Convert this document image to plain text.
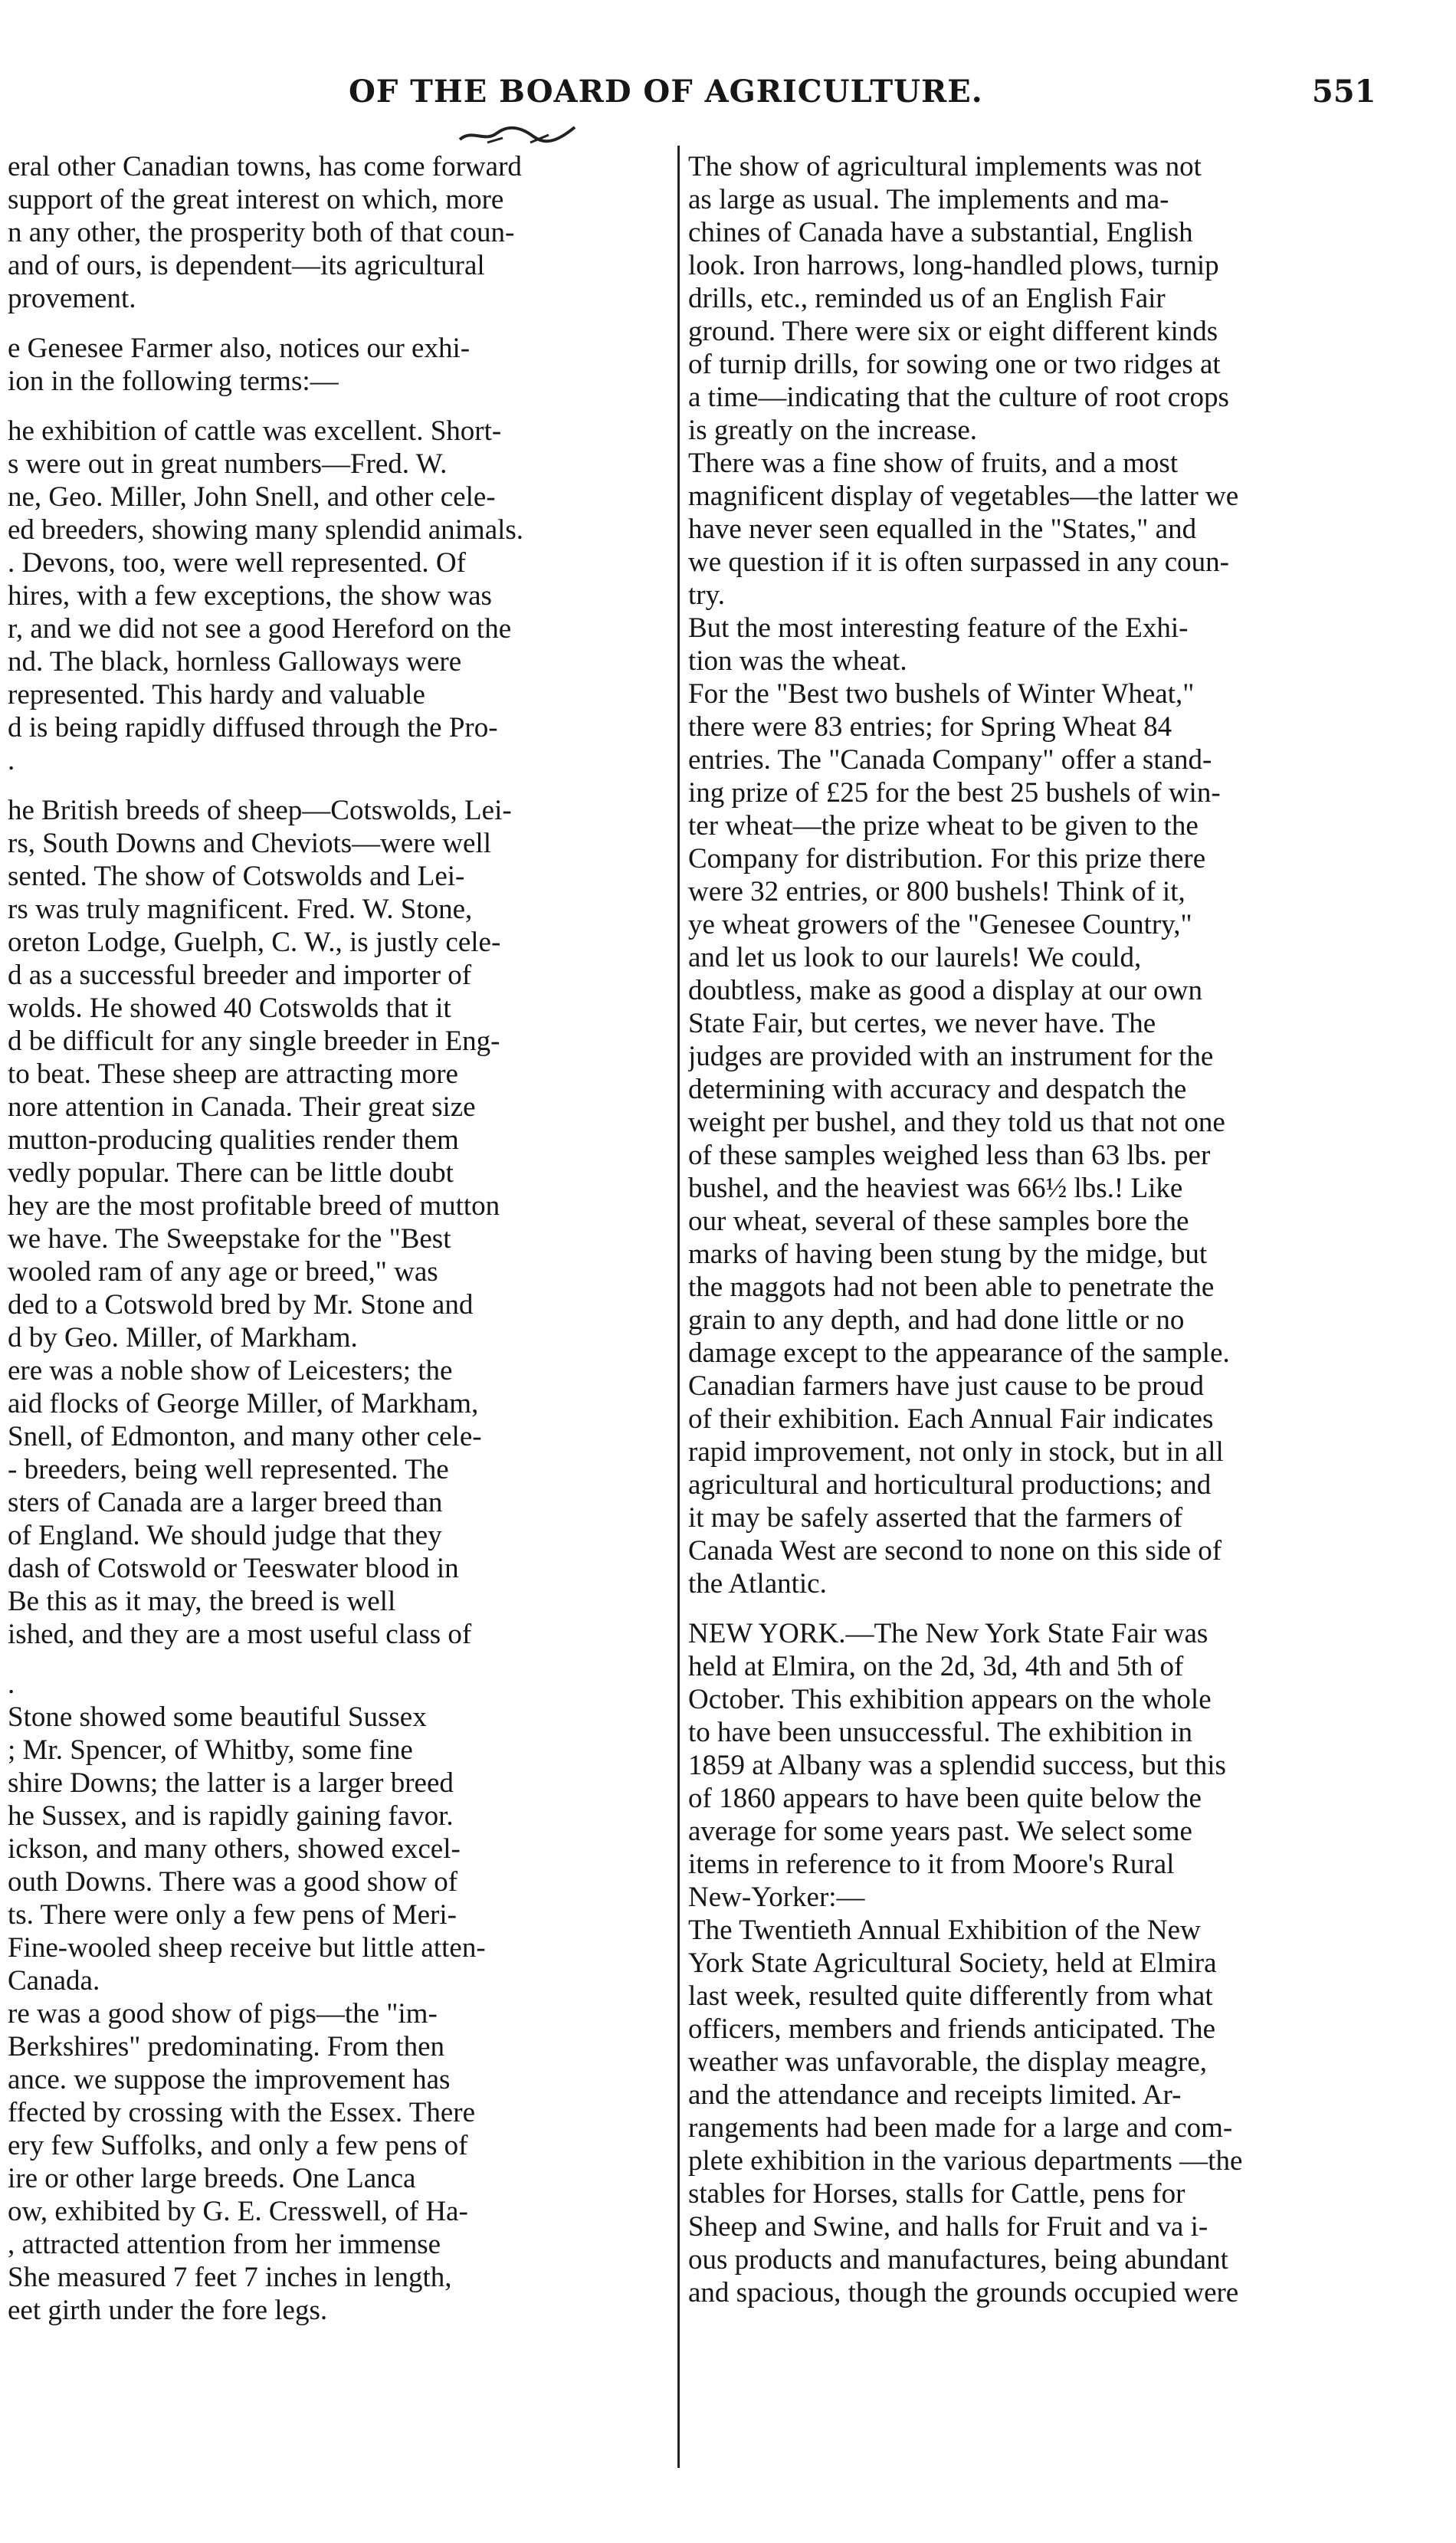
OF THE BOARD OF AGRICULTURE.	551
eral other Canadian towns, has come forward
support of the great interest on which, more
n any other, the prosperity both of that coun-
and of ours, is dependent—its agricultural
provement.
e Genesee Farmer also, notices our exhi-
ion in the following terms:—
he exhibition of cattle was excellent. Short-
s were out in great numbers—Fred. W.
ne, Geo. Miller, John Snell, and other cele-
ed breeders, showing many splendid animals.
. Devons, too, were well represented. Of
hires, with a few exceptions, the show was
r, and we did not see a good Hereford on the
nd. The black, hornless Galloways were
represented. This hardy and valuable
d is being rapidly diffused through the Pro-
.
he British breeds of sheep—Cotswolds, Lei-
rs, South Downs and Cheviots—were well
sented. The show of Cotswolds and Lei-
rs was truly magnificent. Fred. W. Stone,
oreton Lodge, Guelph, C. W., is justly cele-
d as a successful breeder and importer of
wolds. He showed 40 Cotswolds that it
d be difficult for any single breeder in Eng-
to beat. These sheep are attracting more
nore attention in Canada. Their great size
mutton-producing qualities render them
vedly popular. There can be little doubt
hey are the most profitable breed of mutton
we have. The Sweepstake for the "Best
wooled ram of any age or breed," was
ded to a Cotswold bred by Mr. Stone and
d by Geo. Miller, of Markham.
ere was a noble show of Leicesters; the
aid flocks of George Miller, of Markham,
Snell, of Edmonton, and many other cele-
- breeders, being well represented. The
sters of Canada are a larger breed than
of England. We should judge that they
dash of Cotswold or Teeswater blood in
Be this as it may, the breed is well
ished, and they are a most useful class of
.
Stone showed some beautiful Sussex
; Mr. Spencer, of Whitby, some fine
shire Downs; the latter is a larger breed
he Sussex, and is rapidly gaining favor.
ickson, and many others, showed excel-
outh Downs. There was a good show of
ts. There were only a few pens of Meri-
Fine-wooled sheep receive but little atten-
Canada.
re was a good show of pigs—the "im-
Berkshires" predominating. From then
ance. we suppose the improvement has
ffected by crossing with the Essex. There
ery few Suffolks, and only a few pens of
ire or other large breeds. One Lanca
ow, exhibited by G. E. Cresswell, of Ha-
, attracted attention from her immense
She measured 7 feet 7 inches in length,
eet girth under the fore legs.
The show of agricultural implements was not
as large as usual. The implements and ma-
chines of Canada have a substantial, English
look. Iron harrows, long-handled plows, turnip
drills, etc., reminded us of an English Fair
ground. There were six or eight different kinds
of turnip drills, for sowing one or two ridges at
a time—indicating that the culture of root crops
is greatly on the increase.
There was a fine show of fruits, and a most
magnificent display of vegetables—the latter we
have never seen equalled in the "States," and
we question if it is often surpassed in any coun-
try.
But the most interesting feature of the Exhi-
tion was the wheat.
For the "Best two bushels of Winter Wheat,"
there were 83 entries; for Spring Wheat 84
entries. The "Canada Company" offer a stand-
ing prize of £25 for the best 25 bushels of win-
ter wheat—the prize wheat to be given to the
Company for distribution. For this prize there
were 32 entries, or 800 bushels! Think of it,
ye wheat growers of the "Genesee Country,"
and let us look to our laurels! We could,
doubtless, make as good a display at our own
State Fair, but certes, we never have. The
judges are provided with an instrument for the
determining with accuracy and despatch the
weight per bushel, and they told us that not one
of these samples weighed less than 63 lbs. per
bushel, and the heaviest was 66½ lbs.! Like
our wheat, several of these samples bore the
marks of having been stung by the midge, but
the maggots had not been able to penetrate the
grain to any depth, and had done little or no
damage except to the appearance of the sample.
Canadian farmers have just cause to be proud
of their exhibition. Each Annual Fair indicates
rapid improvement, not only in stock, but in all
agricultural and horticultural productions; and
it may be safely asserted that the farmers of
Canada West are second to none on this side of
the Atlantic.
NEW YORK.—The New York State Fair was
held at Elmira, on the 2d, 3d, 4th and 5th of
October. This exhibition appears on the whole
to have been unsuccessful. The exhibition in
1859 at Albany was a splendid success, but this
of 1860 appears to have been quite below the
average for some years past. We select some
items in reference to it from Moore's Rural
New-Yorker:—
The Twentieth Annual Exhibition of the New
York State Agricultural Society, held at Elmira
last week, resulted quite differently from what
officers, members and friends anticipated. The
weather was unfavorable, the display meagre,
and the attendance and receipts limited. Ar-
rangements had been made for a large and com-
plete exhibition in the various departments —the
stables for Horses, stalls for Cattle, pens for
Sheep and Swine, and halls for Fruit and va i-
ous products and manufactures, being abundant
and spacious, though the grounds occupied were
